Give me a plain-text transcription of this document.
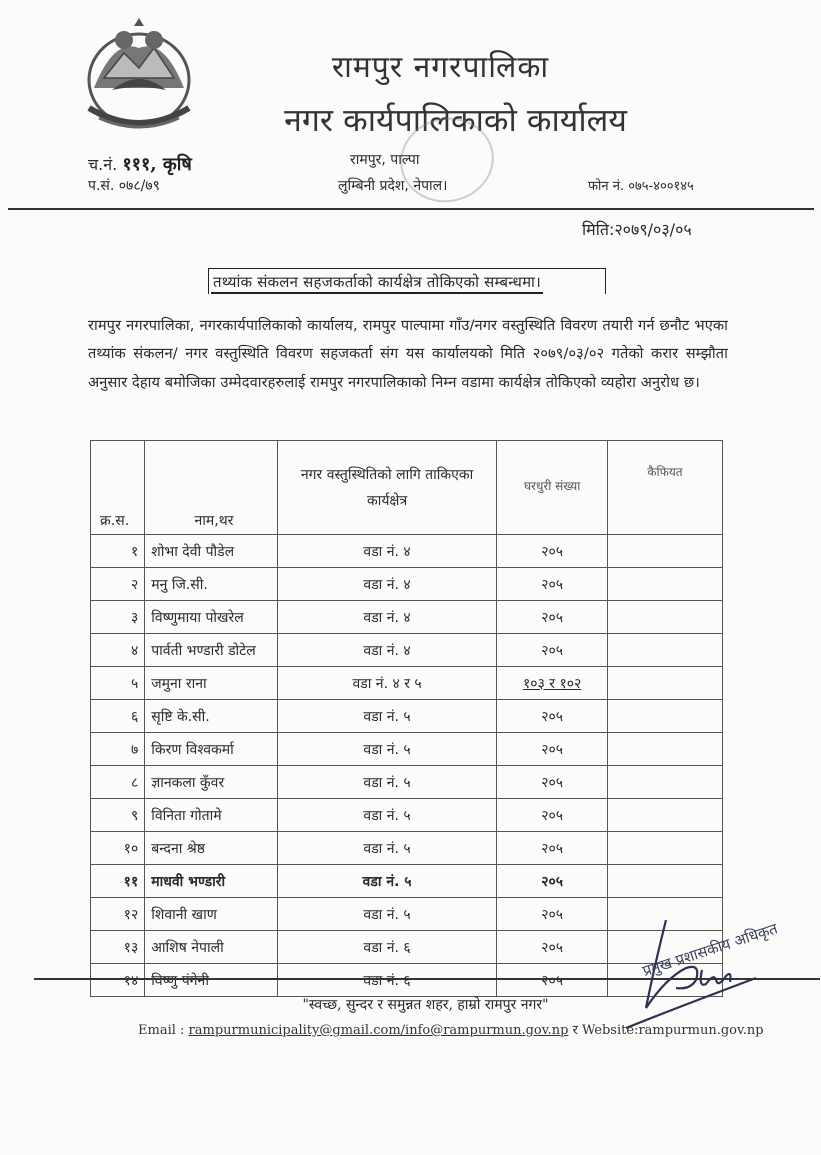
रामपुर नगरपालिका
नगर कार्यपालिकाको कार्यालय
च.नं. १११, कृषि
प.सं. ०७८/७९
रामपुर, पाल्पा
लुम्बिनी प्रदेश, नेपाल।	फोन नं. ०७५-४००१४५
मिति:२०७९/०३/०५
तथ्यांक संकलन सहजकर्ताको कार्यक्षेत्र तोकिएको सम्बन्धमा।
रामपुर नगरपालिका, नगरकार्यपालिकाको कार्यालय, रामपुर पाल्पामा गाँउ/नगर वस्तुस्थिति विवरण तयारी गर्न छनौट भएका तथ्यांक संकलन/ नगर वस्तुस्थिति विवरण सहजकर्ता संग यस कार्यालयको मिति २०७९/०३/०२ गतेको करार सम्झौता अनुसार देहाय बमोजिका उम्मेदवारहरुलाई रामपुर नगरपालिकाको निम्न वडामा कार्यक्षेत्र तोकिएको व्यहोरा अनुरोध छ।
क्र.स.	नाम,थर	नगर वस्तुस्थितिको लागि ताकिएका कार्यक्षेत्र	घरधुरी संख्या	कैफियत
१	शोभा देवी पौडेल	वडा नं. ४	२०५	
२	मनु जि.सी.	वडा नं. ४	२०५	
३	विष्णुमाया पोखरेल	वडा नं. ४	२०५	
४	पार्वती भण्डारी डोटेल	वडा नं. ४	२०५	
५	जमुना राना	वडा नं. ४ र ५	१०३ र १०२	
६	सृष्टि के.सी.	वडा नं. ५	२०५	
७	किरण विश्वकर्मा	वडा नं. ५	२०५	
८	ज्ञानकला कुँवर	वडा नं. ५	२०५	
९	विनिता गोतामे	वडा नं. ५	२०५	
१०	बन्दना श्रेष्ठ	वडा नं. ५	२०५	
११	माधवी भण्डारी	वडा नं. ५	२०५	
१२	शिवानी खाण	वडा नं. ५	२०५	
१३	आशिष नेपाली	वडा नं. ६	२०५	
१४	विष्णु पंगेनी	वडा नं. ६	२०५	
प्रमुख प्रशासकीय अधिकृत
"स्वच्छ, सुन्दर र समुन्नत शहर, हाम्रो रामपुर नगर"
Email : rampurmunicipality@gmail.com/info@rampurmun.gov.np र Website:rampurmun.gov.np
